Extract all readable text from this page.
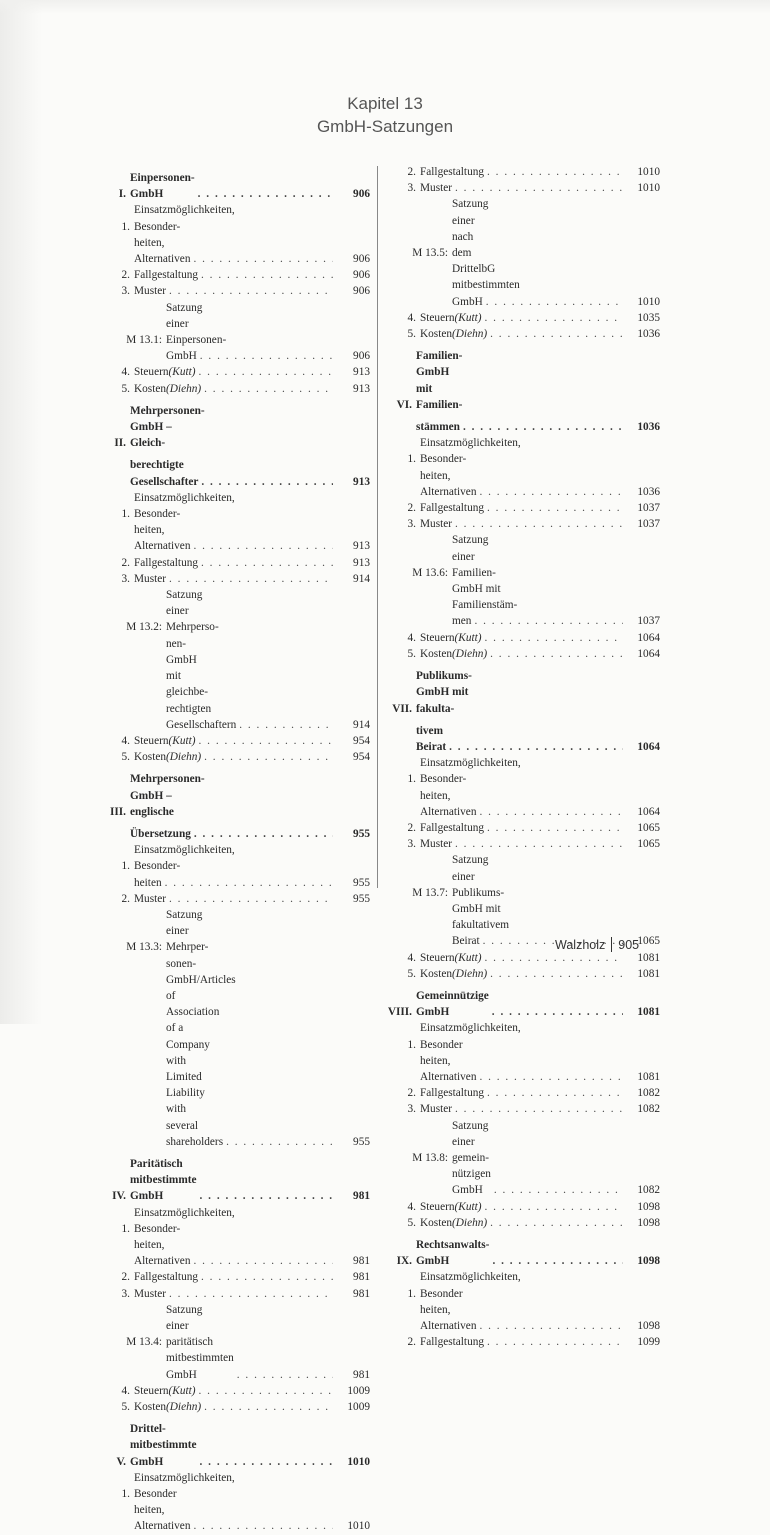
Kapitel 13
GmbH-Satzungen
I.
Einpersonen-GmbH . . .	906
1.
Einsatzmöglichkeiten, Besonder-
heiten, Alternativen . . .	906
2. Fallgestaltung . . .	906
3. Muster . . .	906
M 13.1:
Satzung einer Einpersonen-
GmbH . . .	906
4. Steuern (Kutt) . . .	913
5. Kosten (Diehn) . . .	913
II.
Mehrpersonen-GmbH – Gleich-
berechtigte Gesellschafter . . .	913
1.
Einsatzmöglichkeiten, Besonder-
heiten, Alternativen . . .	913
2. Fallgestaltung . . .	913
3. Muster . . .	914
M 13.2:
Satzung einer Mehrperso-
nen-GmbH mit gleichbe-
rechtigten Gesellschaftern . . .	914
4. Steuern (Kutt) . . .	954
5. Kosten (Diehn) . . .	954
III.
Mehrpersonen-GmbH – englische
Übersetzung . . .	955
1.
Einsatzmöglichkeiten, Besonder-
heiten . . .	955
2. Muster . . .	955
M 13.3:
Satzung einer Mehrper-
sonen-GmbH/Articles of
Association of a Company
with Limited Liability with
several shareholders . . .	955
IV.
Paritätisch mitbestimmte GmbH . . .	981
1.
Einsatzmöglichkeiten, Besonder-
heiten, Alternativen . . .	981
2. Fallgestaltung . . .	981
3. Muster . . .	981
M 13.4:
Satzung einer paritätisch
mitbestimmten GmbH . . .	981
4. Steuern (Kutt) . . .	1009
5. Kosten (Diehn) . . .	1009
V.
Drittel-mitbestimmte GmbH . . .	1010
1.
Einsatzmöglichkeiten, Besonder
heiten, Alternativen . . .	1010
2. Fallgestaltung . . .	1010
3. Muster . . .	1010
M 13.5:
Satzung einer nach dem
DrittelbG mitbestimmten
GmbH . . .	1010
4. Steuern (Kutt) . . .	1035
5. Kosten (Diehn) . . .	1036
VI.
Familien-GmbH mit Familien-
stämmen . . .	1036
1.
Einsatzmöglichkeiten, Besonder-
heiten, Alternativen . . .	1036
2. Fallgestaltung . . .	1037
3. Muster . . .	1037
M 13.6:
Satzung einer Familien-
GmbH mit Familienstäm-
men . . .	1037
4. Steuern (Kutt) . . .	1064
5. Kosten (Diehn) . . .	1064
VII.
Publikums-GmbH mit fakulta-
tivem Beirat . . .	1064
1.
Einsatzmöglichkeiten, Besonder-
heiten, Alternativen . . .	1064
2. Fallgestaltung . . .	1065
3. Muster . . .	1065
M 13.7:
Satzung einer Publikums-
GmbH mit fakultativem
Beirat . . .	1065
4. Steuern (Kutt) . . .	1081
5. Kosten (Diehn) . . .	1081
VIII.
Gemeinnützige GmbH . . .	1081
1.
Einsatzmöglichkeiten, Besonder
heiten, Alternativen . . .	1081
2. Fallgestaltung . . .	1082
3. Muster . . .	1082
M 13.8:
Satzung einer gemein-
nützigen GmbH . . .	1082
4. Steuern (Kutt) . . .	1098
5. Kosten (Diehn) . . .	1098
IX.
Rechtsanwalts-GmbH . . .	1098
1.
Einsatzmöglichkeiten, Besonder
heiten, Alternativen . . .	1098
2. Fallgestaltung . . .	1099
Walzholz 905
